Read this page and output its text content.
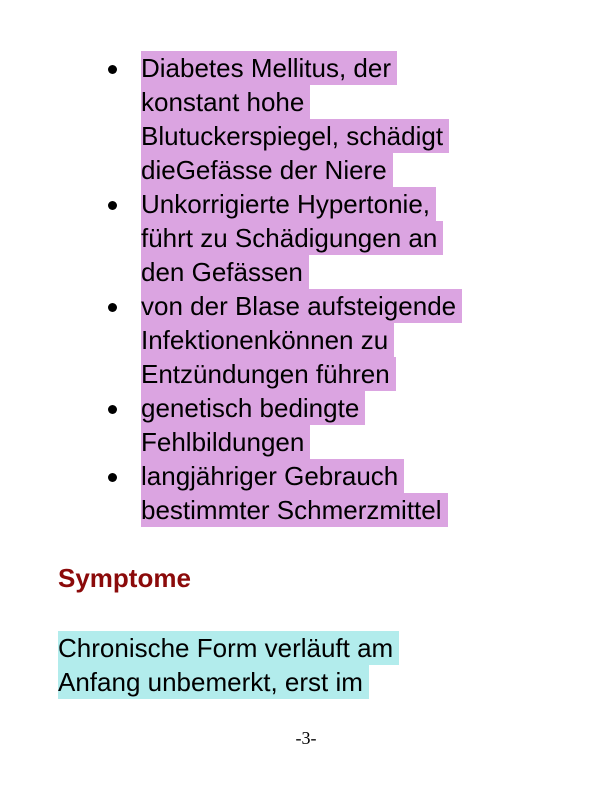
Diabetes Mellitus, der
konstant hohe
Blutuckerspiegel, schädigt
dieGefässe der Niere
Unkorrigierte Hypertonie,
führt zu Schädigungen an
den Gefässen
von der Blase aufsteigende
Infektionenkönnen zu
Entzündungen führen
genetisch bedingte
Fehlbildungen
langjähriger Gebrauch
bestimmter Schmerzmittel
Symptome

Chronische Form verläuft am
Anfang unbemerkt, erst im

-3-
